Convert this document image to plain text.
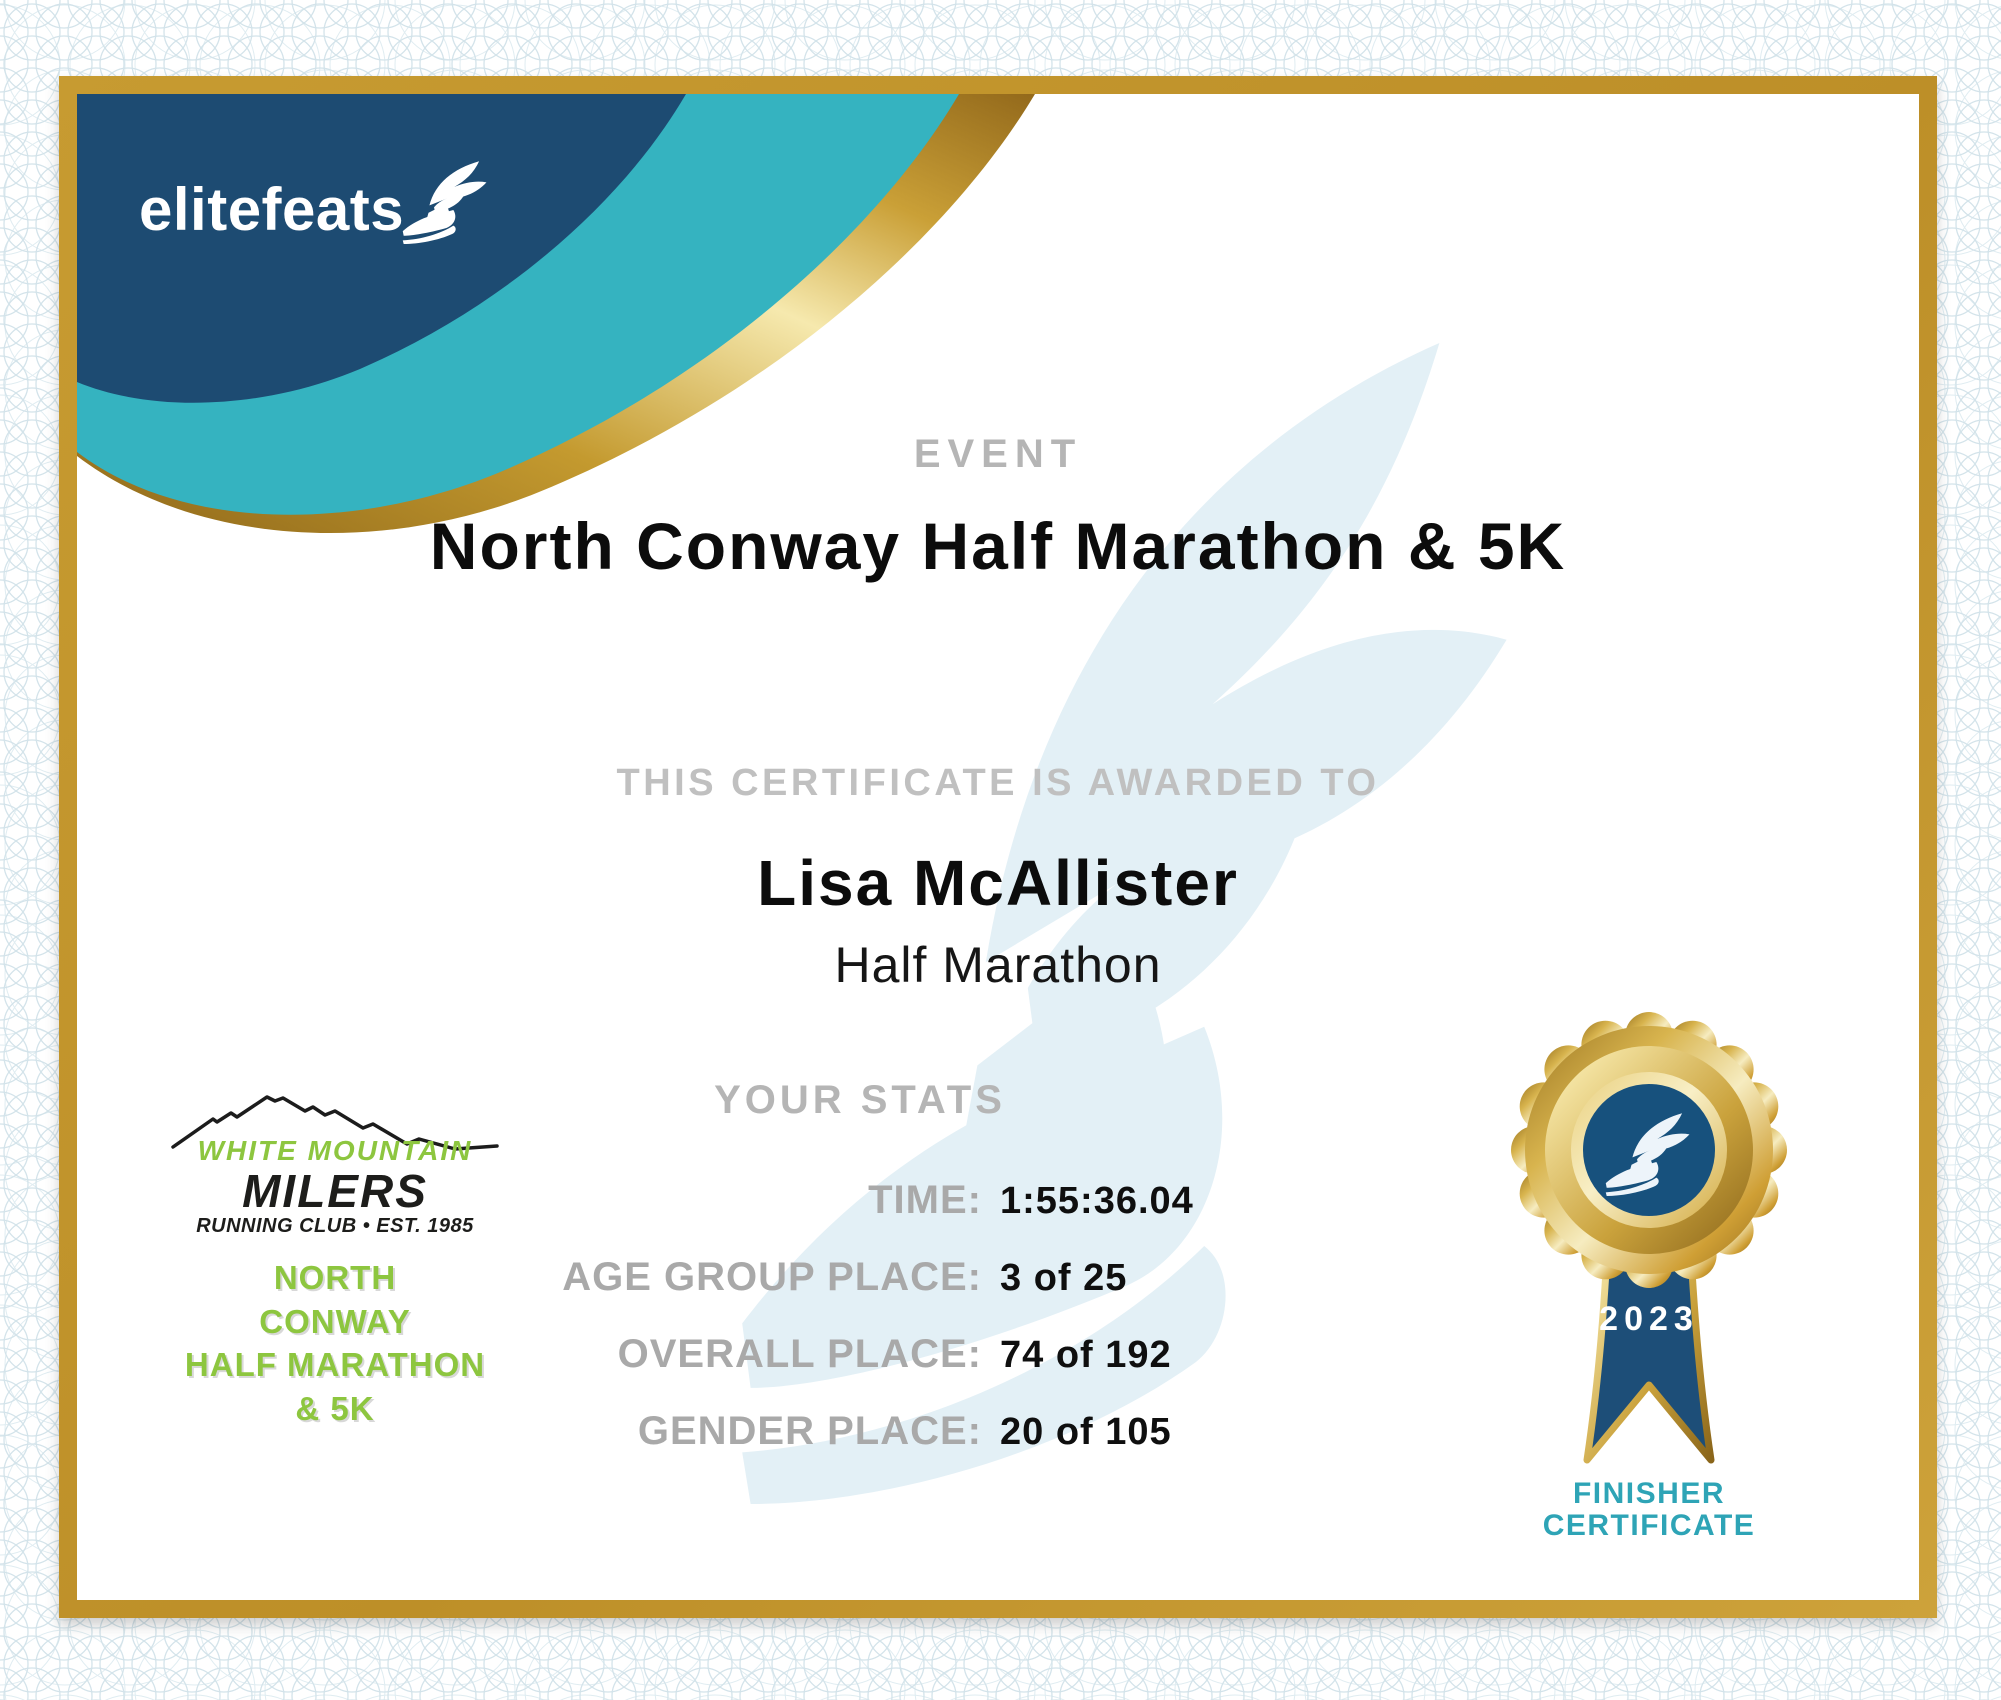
elitefeats
EVENT
North Conway Half Marathon & 5K
THIS CERTIFICATE IS AWARDED TO
Lisa McAllister
Half Marathon
YOUR STATS
TIME: 1:55:36.04
AGE GROUP PLACE: 3 of 25
OVERALL PLACE: 74 of 192
GENDER PLACE: 20 of 105
WHITE MOUNTAIN
MILERS
RUNNING CLUB • EST. 1985
NORTH
CONWAY
HALF MARATHON
& 5K
2023
FINISHER
CERTIFICATE
